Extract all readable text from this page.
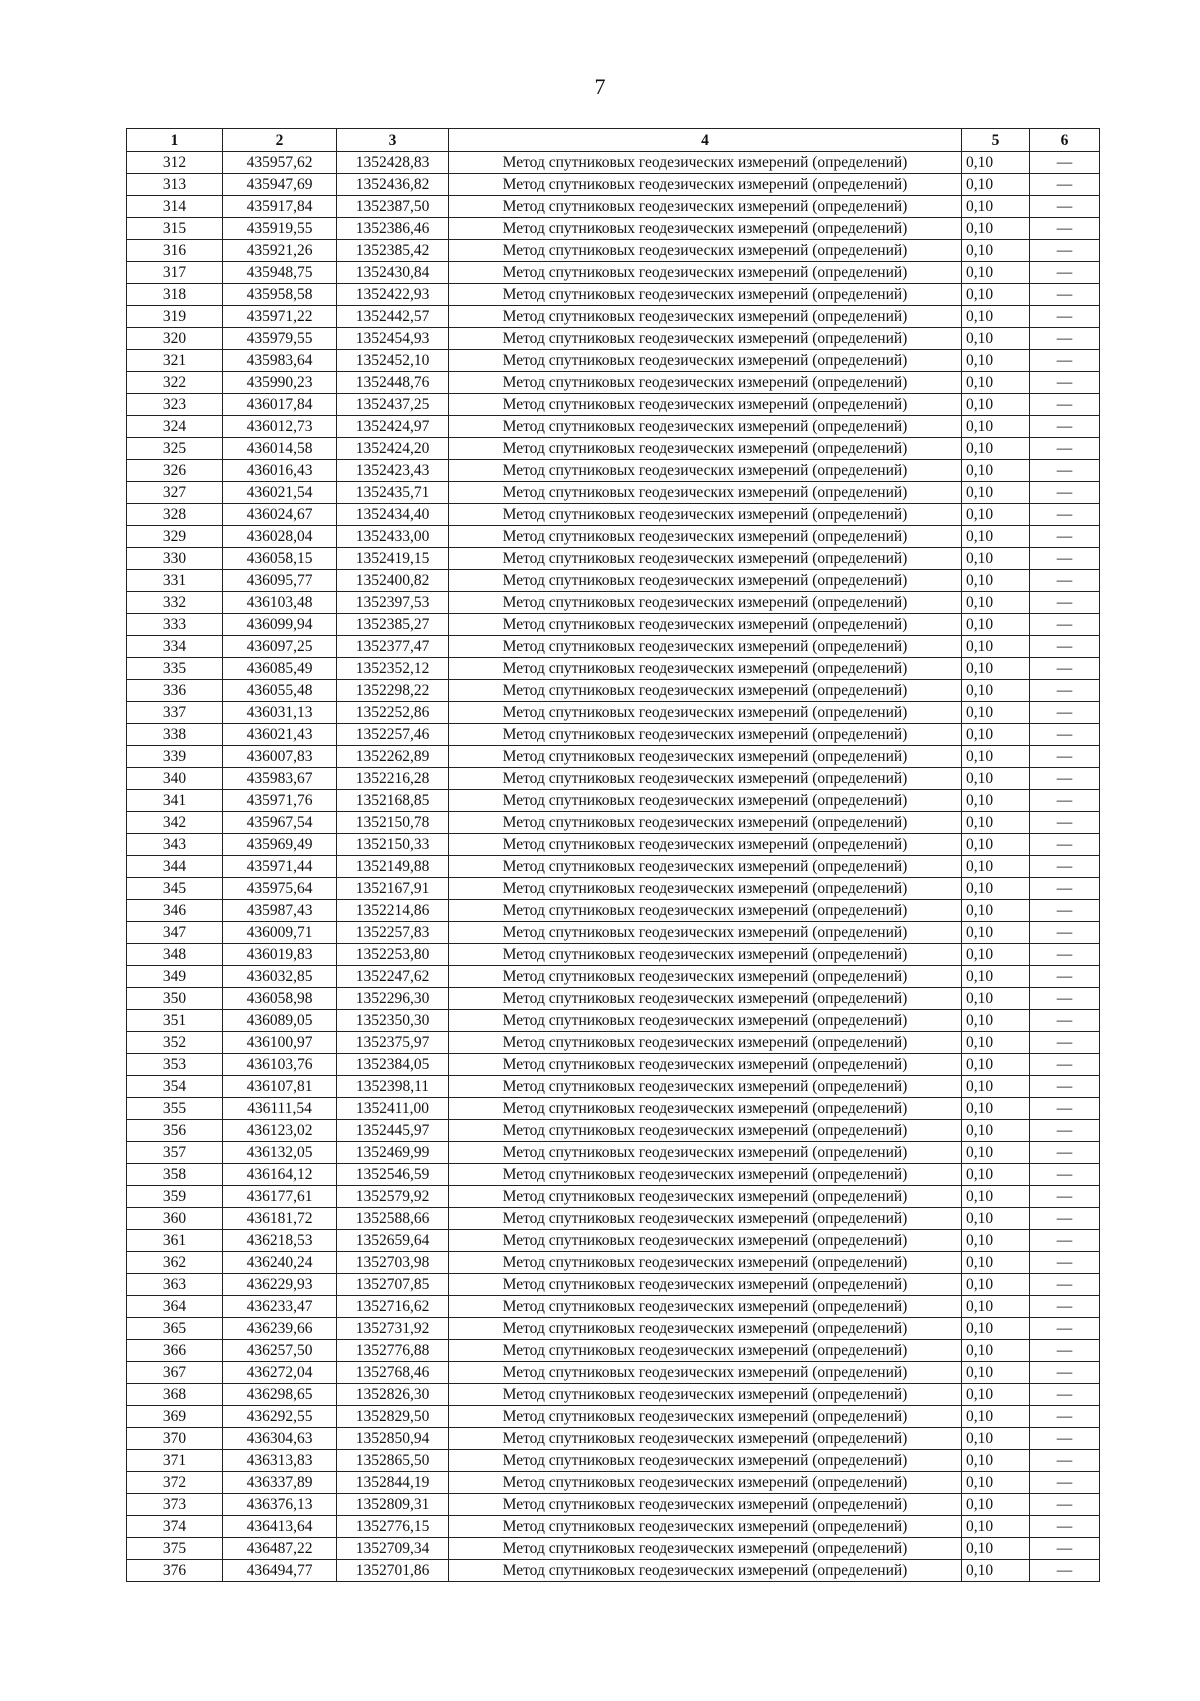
7
1	2	3	4	5	6
312	435957,62	1352428,83	Метод спутниковых геодезических измерений (определений)	0,10	—
313	435947,69	1352436,82	Метод спутниковых геодезических измерений (определений)	0,10	—
314	435917,84	1352387,50	Метод спутниковых геодезических измерений (определений)	0,10	—
315	435919,55	1352386,46	Метод спутниковых геодезических измерений (определений)	0,10	—
316	435921,26	1352385,42	Метод спутниковых геодезических измерений (определений)	0,10	—
317	435948,75	1352430,84	Метод спутниковых геодезических измерений (определений)	0,10	—
318	435958,58	1352422,93	Метод спутниковых геодезических измерений (определений)	0,10	—
319	435971,22	1352442,57	Метод спутниковых геодезических измерений (определений)	0,10	—
320	435979,55	1352454,93	Метод спутниковых геодезических измерений (определений)	0,10	—
321	435983,64	1352452,10	Метод спутниковых геодезических измерений (определений)	0,10	—
322	435990,23	1352448,76	Метод спутниковых геодезических измерений (определений)	0,10	—
323	436017,84	1352437,25	Метод спутниковых геодезических измерений (определений)	0,10	—
324	436012,73	1352424,97	Метод спутниковых геодезических измерений (определений)	0,10	—
325	436014,58	1352424,20	Метод спутниковых геодезических измерений (определений)	0,10	—
326	436016,43	1352423,43	Метод спутниковых геодезических измерений (определений)	0,10	—
327	436021,54	1352435,71	Метод спутниковых геодезических измерений (определений)	0,10	—
328	436024,67	1352434,40	Метод спутниковых геодезических измерений (определений)	0,10	—
329	436028,04	1352433,00	Метод спутниковых геодезических измерений (определений)	0,10	—
330	436058,15	1352419,15	Метод спутниковых геодезических измерений (определений)	0,10	—
331	436095,77	1352400,82	Метод спутниковых геодезических измерений (определений)	0,10	—
332	436103,48	1352397,53	Метод спутниковых геодезических измерений (определений)	0,10	—
333	436099,94	1352385,27	Метод спутниковых геодезических измерений (определений)	0,10	—
334	436097,25	1352377,47	Метод спутниковых геодезических измерений (определений)	0,10	—
335	436085,49	1352352,12	Метод спутниковых геодезических измерений (определений)	0,10	—
336	436055,48	1352298,22	Метод спутниковых геодезических измерений (определений)	0,10	—
337	436031,13	1352252,86	Метод спутниковых геодезических измерений (определений)	0,10	—
338	436021,43	1352257,46	Метод спутниковых геодезических измерений (определений)	0,10	—
339	436007,83	1352262,89	Метод спутниковых геодезических измерений (определений)	0,10	—
340	435983,67	1352216,28	Метод спутниковых геодезических измерений (определений)	0,10	—
341	435971,76	1352168,85	Метод спутниковых геодезических измерений (определений)	0,10	—
342	435967,54	1352150,78	Метод спутниковых геодезических измерений (определений)	0,10	—
343	435969,49	1352150,33	Метод спутниковых геодезических измерений (определений)	0,10	—
344	435971,44	1352149,88	Метод спутниковых геодезических измерений (определений)	0,10	—
345	435975,64	1352167,91	Метод спутниковых геодезических измерений (определений)	0,10	—
346	435987,43	1352214,86	Метод спутниковых геодезических измерений (определений)	0,10	—
347	436009,71	1352257,83	Метод спутниковых геодезических измерений (определений)	0,10	—
348	436019,83	1352253,80	Метод спутниковых геодезических измерений (определений)	0,10	—
349	436032,85	1352247,62	Метод спутниковых геодезических измерений (определений)	0,10	—
350	436058,98	1352296,30	Метод спутниковых геодезических измерений (определений)	0,10	—
351	436089,05	1352350,30	Метод спутниковых геодезических измерений (определений)	0,10	—
352	436100,97	1352375,97	Метод спутниковых геодезических измерений (определений)	0,10	—
353	436103,76	1352384,05	Метод спутниковых геодезических измерений (определений)	0,10	—
354	436107,81	1352398,11	Метод спутниковых геодезических измерений (определений)	0,10	—
355	436111,54	1352411,00	Метод спутниковых геодезических измерений (определений)	0,10	—
356	436123,02	1352445,97	Метод спутниковых геодезических измерений (определений)	0,10	—
357	436132,05	1352469,99	Метод спутниковых геодезических измерений (определений)	0,10	—
358	436164,12	1352546,59	Метод спутниковых геодезических измерений (определений)	0,10	—
359	436177,61	1352579,92	Метод спутниковых геодезических измерений (определений)	0,10	—
360	436181,72	1352588,66	Метод спутниковых геодезических измерений (определений)	0,10	—
361	436218,53	1352659,64	Метод спутниковых геодезических измерений (определений)	0,10	—
362	436240,24	1352703,98	Метод спутниковых геодезических измерений (определений)	0,10	—
363	436229,93	1352707,85	Метод спутниковых геодезических измерений (определений)	0,10	—
364	436233,47	1352716,62	Метод спутниковых геодезических измерений (определений)	0,10	—
365	436239,66	1352731,92	Метод спутниковых геодезических измерений (определений)	0,10	—
366	436257,50	1352776,88	Метод спутниковых геодезических измерений (определений)	0,10	—
367	436272,04	1352768,46	Метод спутниковых геодезических измерений (определений)	0,10	—
368	436298,65	1352826,30	Метод спутниковых геодезических измерений (определений)	0,10	—
369	436292,55	1352829,50	Метод спутниковых геодезических измерений (определений)	0,10	—
370	436304,63	1352850,94	Метод спутниковых геодезических измерений (определений)	0,10	—
371	436313,83	1352865,50	Метод спутниковых геодезических измерений (определений)	0,10	—
372	436337,89	1352844,19	Метод спутниковых геодезических измерений (определений)	0,10	—
373	436376,13	1352809,31	Метод спутниковых геодезических измерений (определений)	0,10	—
374	436413,64	1352776,15	Метод спутниковых геодезических измерений (определений)	0,10	—
375	436487,22	1352709,34	Метод спутниковых геодезических измерений (определений)	0,10	—
376	436494,77	1352701,86	Метод спутниковых геодезических измерений (определений)	0,10	—
